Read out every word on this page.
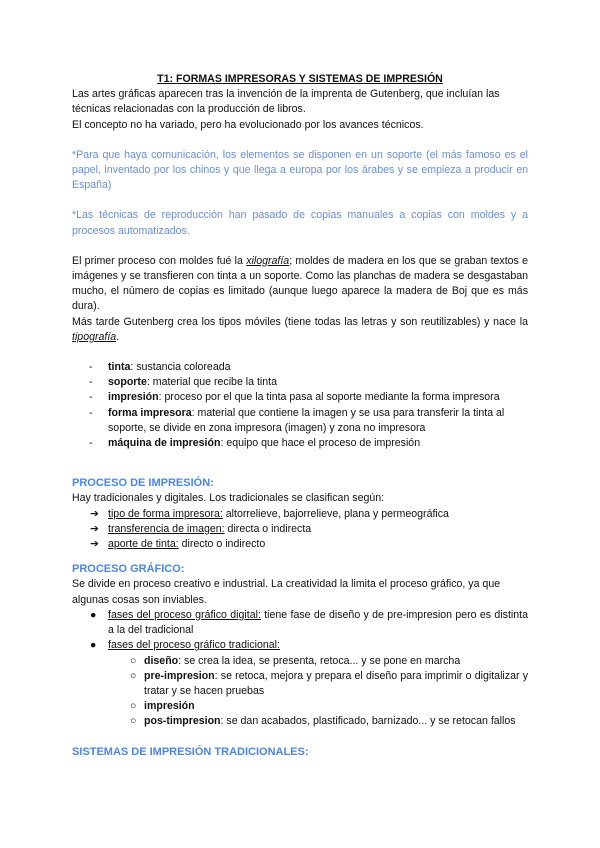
T1: FORMAS IMPRESORAS Y SISTEMAS DE IMPRESIÓN

Las artes gráficas aparecen tras la invención de la imprenta de Gutenberg, que incluían las técnicas relacionadas con la producción de libros.

El concepto no ha variado, pero ha evolucionado por los avances técnicos.

*Para que haya comunicación, los elementos se disponen en un soporte (el más famoso es el papel, inventado por los chinos y que llega a europa por los árabes y se empieza a producir en España)

*Las técnicas de reproducción han pasado de copias manuales a copias con moldes y a procesos automatizados.

El primer proceso con moldes fué la xilografía; moldes de madera en los que se graban textos e imágenes y se transfieren con tinta a un soporte. Como las planchas de madera se desgastaban mucho, el número de copias es limitado (aunque luego aparece la madera de Boj que es más dura).

Más tarde Gutenberg crea los tipos móviles (tiene todas las letras y son reutilizables) y nace la tipografía.

- tinta: sustancia coloreada
- soporte: material que recibe la tinta
- impresión: proceso por el que la tinta pasa al soporte mediante la forma impresora
- forma impresora: material que contiene la imagen y se usa para transferir la tinta al soporte, se divide en zona impresora (imagen) y zona no impresora
- máquina de impresión: equipo que hace el proceso de impresión

PROCESO DE IMPRESIÓN:

Hay tradicionales y digitales. Los tradicionales se clasifican según:

➔ tipo de forma impresora: altorrelieve, bajorrelieve, plana y permeográfica
➔ transferencia de imagen: directa o indirecta
➔ aporte de tinta: directo o indirecto

PROCESO GRÁFICO:

Se divide en proceso creativo e industrial. La creatividad la limita el proceso gráfico, ya que algunas cosas son inviables.

● fases del proceso gráfico digital: tiene fase de diseño y de pre-impresion pero es distinta a la del tradicional
● fases del proceso gráfico tradicional:
○ diseño: se crea la idea, se presenta, retoca... y se pone en marcha
○ pre-impresion: se retoca, mejora y prepara el diseño para imprimir o digitalizar y tratar y se hacen pruebas
○ impresión
○ pos-timpresion: se dan acabados, plastificado, barnizado... y se retocan fallos

SISTEMAS DE IMPRESIÓN TRADICIONALES:
